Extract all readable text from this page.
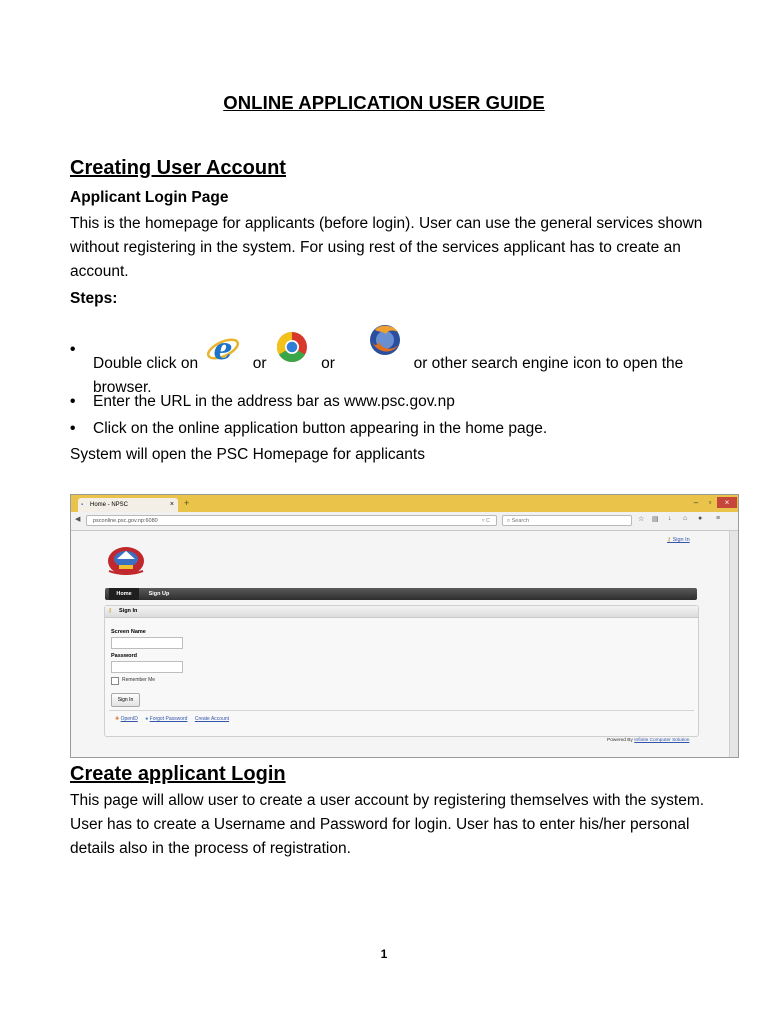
ONLINE APPLICATION USER GUIDE
Creating User Account
Applicant Login Page
This is the homepage for applicants (before login). User can use the general services shown without registering in the system. For using rest of the services applicant has to create an account.
Steps:
•
Double click on e or	or	or other search engine icon to open the browser.
•	Enter the URL in the address bar as www.psc.gov.np
•	Click on the online application button appearing in the home page.
System will open the PSC Homepage for applicants
▪ Home - NPSC	× +	–	▫	×
◀	psconline.psc.gov.np:6080	▿ C	⌕ Search	☆ ▤ ↓ ⌂ ● ≡
⚷ Sign In
Home	Sign Up
⚷ Sign In
Screen Name
Password
Remember Me
Sign In
✚ OpenID ● Forgot Password Create Account
Powered By Infinite Computer Solution
Create applicant Login
This page will allow user to create a user account by registering themselves with the system. User has to create a Username and Password for login. User has to enter his/her personal details also in the process of registration.
1
